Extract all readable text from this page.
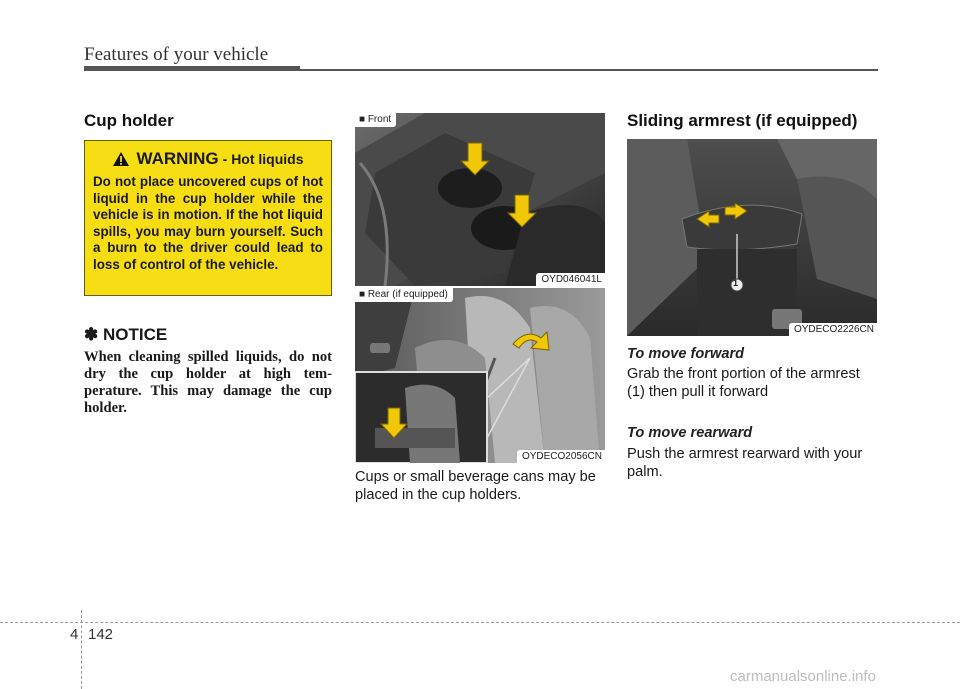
Features of your vehicle
Cup holder
WARNING - Hot liquids
Do not place uncovered cups of hot liquid in the cup holder while the vehicle is in motion. If the hot liquid spills, you may burn yourself. Such a burn to the driver could lead to loss of control of the vehicle.
✽ NOTICE
When cleaning spilled liquids, do not dry the cup holder at high tem-perature. This may damage the cup holder.
■ Front
OYD046041L
■ Rear (if equipped)
OYDECO2056CN
Cups or small beverage cans may be placed in the cup holders.
Sliding armrest (if equipped)
1
OYDECO2226CN
To move forward
Grab the front portion of the armrest (1) then pull it forward
To move rearward
Push the armrest rearward with your palm.
4 142
carmanualsonline.info
